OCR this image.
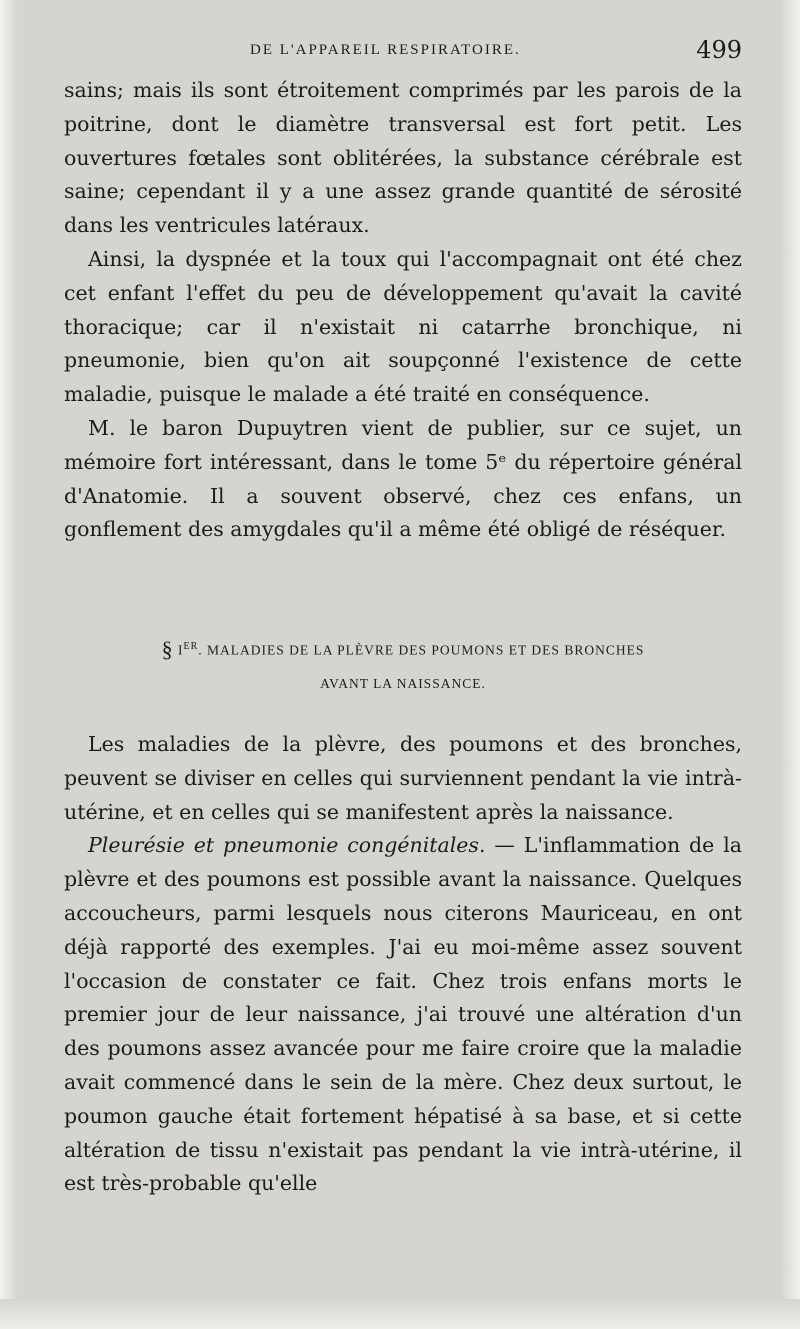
DE L'APPAREIL RESPIRATOIRE.	499

sains; mais ils sont étroitement comprimés par les parois de la poitrine, dont le diamètre transversal est fort petit. Les ouvertures fœtales sont oblitérées, la substance cérébrale est saine; cependant il y a une assez grande quantité de sérosité dans les ventricules latéraux.

Ainsi, la dyspnée et la toux qui l'accompagnait ont été chez cet enfant l'effet du peu de développement qu'avait la cavité thoracique; car il n'existait ni catarrhe bronchique, ni pneumonie, bien qu'on ait soupçonné l'existence de cette maladie, puisque le malade a été traité en conséquence.

M. le baron Dupuytren vient de publier, sur ce sujet, un mémoire fort intéressant, dans le tome 5ᵉ du répertoire général d'Anatomie. Il a souvent observé, chez ces enfans, un gonflement des amygdales qu'il a même été obligé de réséquer.

§ IER. MALADIES DE LA PLÈVRE DES POUMONS ET DES BRONCHES
AVANT LA NAISSANCE.

Les maladies de la plèvre, des poumons et des bronches, peuvent se diviser en celles qui surviennent pendant la vie intrà-utérine, et en celles qui se manifestent après la naissance.

Pleurésie et pneumonie congénitales. — L'inflammation de la plèvre et des poumons est possible avant la naissance. Quelques accoucheurs, parmi lesquels nous citerons Mauriceau, en ont déjà rapporté des exemples. J'ai eu moi-même assez souvent l'occasion de constater ce fait. Chez trois enfans morts le premier jour de leur naissance, j'ai trouvé une altération d'un des poumons assez avancée pour me faire croire que la maladie avait commencé dans le sein de la mère. Chez deux surtout, le poumon gauche était fortement hépatisé à sa base, et si cette altération de tissu n'existait pas pendant la vie intrà-utérine, il est très-probable qu'elle
